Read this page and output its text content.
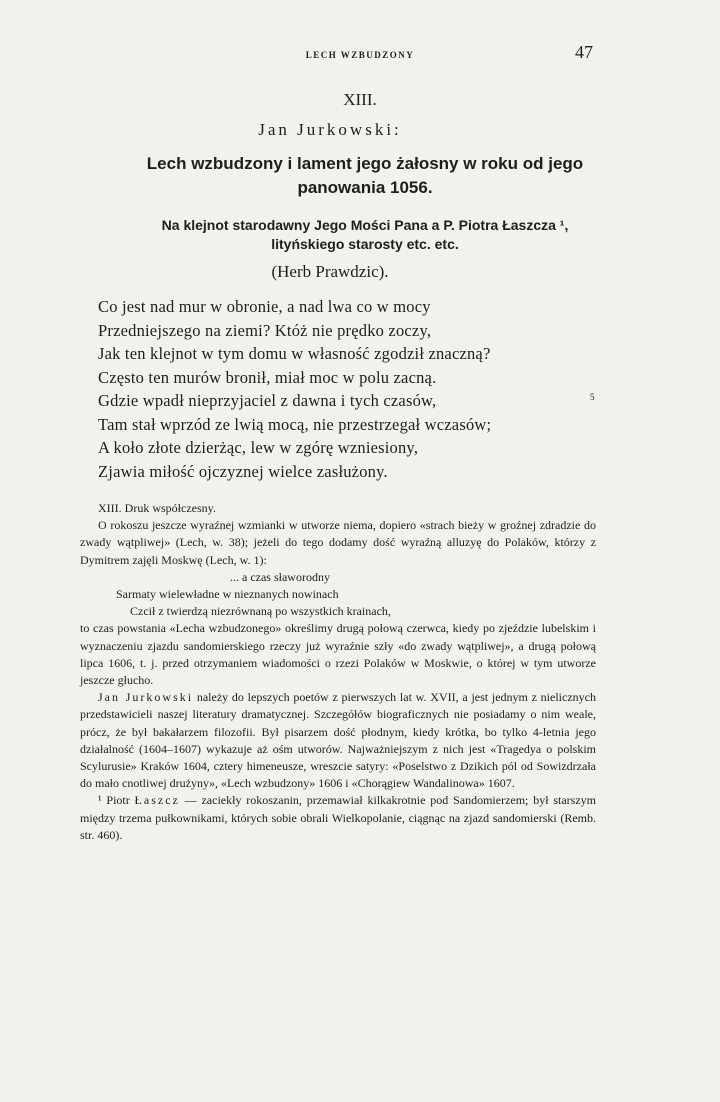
LECH WZBUDZONY	47
XIII.
Jan Jurkowski:
Lech wzbudzony i lament jego żałosny w roku od jego
panowania 1056.
Na klejnot starodawny Jego Mości Pana a P. Piotra Łaszcza ¹,
lityńskiego starosty etc. etc.
(Herb Prawdzic).
Co jest nad mur w obronie, a nad lwa co w mocy
Przedniejszego na ziemi? Któż nie prędko zoczy,
Jak ten klejnot w tym domu w własność zgodził znaczną?
Często ten murów bronił, miał moc w polu zacną.
Gdzie wpadł nieprzyjaciel z dawna i tych czasów,
Tam stał wprzód ze lwią mocą, nie przestrzegał wczasów;
A koło złote dzierżąc, lew w zgórę wzniesiony,
Zjawia miłość ojczyznej wielce zasłużony.
5

XIII. Druk współczesny.

O rokoszu jeszcze wyraźnej wzmianki w utworze niema, dopiero «strach bieży w groźnej zdradzie do zwady wątpliwej» (Lech, w. 38); jeżeli do tego dodamy dość wyraźną alluzyę do Polaków, którzy z Dymitrem zajęli Moskwę (Lech, w. 1):

... a czas sławorodny

Sarmaty wielewładne w nieznanych nowinach

Czcił z twierdzą niezrównaną po wszystkich krainach,

to czas powstania «Lecha wzbudzonego» określimy drugą połową czerwca, kiedy po zjeździe lubelskim i wyznaczeniu zjazdu sandomierskiego rzeczy już wyraźnie szły «do zwady wątpliwej», a drugą połową lipca 1606, t. j. przed otrzymaniem wiadomości o rzezi Polaków w Moskwie, o której w tym utworze jeszcze głucho.

Jan Jurkowski należy do lepszych poetów z pierwszych lat w. XVII, a jest jednym z nielicznych przedstawicieli naszej literatury dramatycznej. Szczegółów biograficznych nie posiadamy o nim weale, prócz, że był bakałarzem filozofii. Był pisarzem dość płodnym, kiedy krótka, bo tylko 4-letnia jego działalność (1604–1607) wykazuje aż ośm utworów. Najważniejszym z nich jest «Tragedya o polskim Scylurusie» Kraków 1604, cztery himeneusze, wreszcie satyry: «Poselstwo z Dzikich pól od Sowizdrzała do mało cnotliwej drużyny», «Lech wzbudzony» 1606 i «Chorągiew Wandalinowa» 1607.

¹ Piotr Łaszcz — zaciekły rokoszanin, przemawiał kilkakrotnie pod Sandomierzem; był starszym między trzema pułkownikami, których sobie obrali Wielkopolanie, ciągnąc na zjazd sandomierski (Remb. str. 460).
